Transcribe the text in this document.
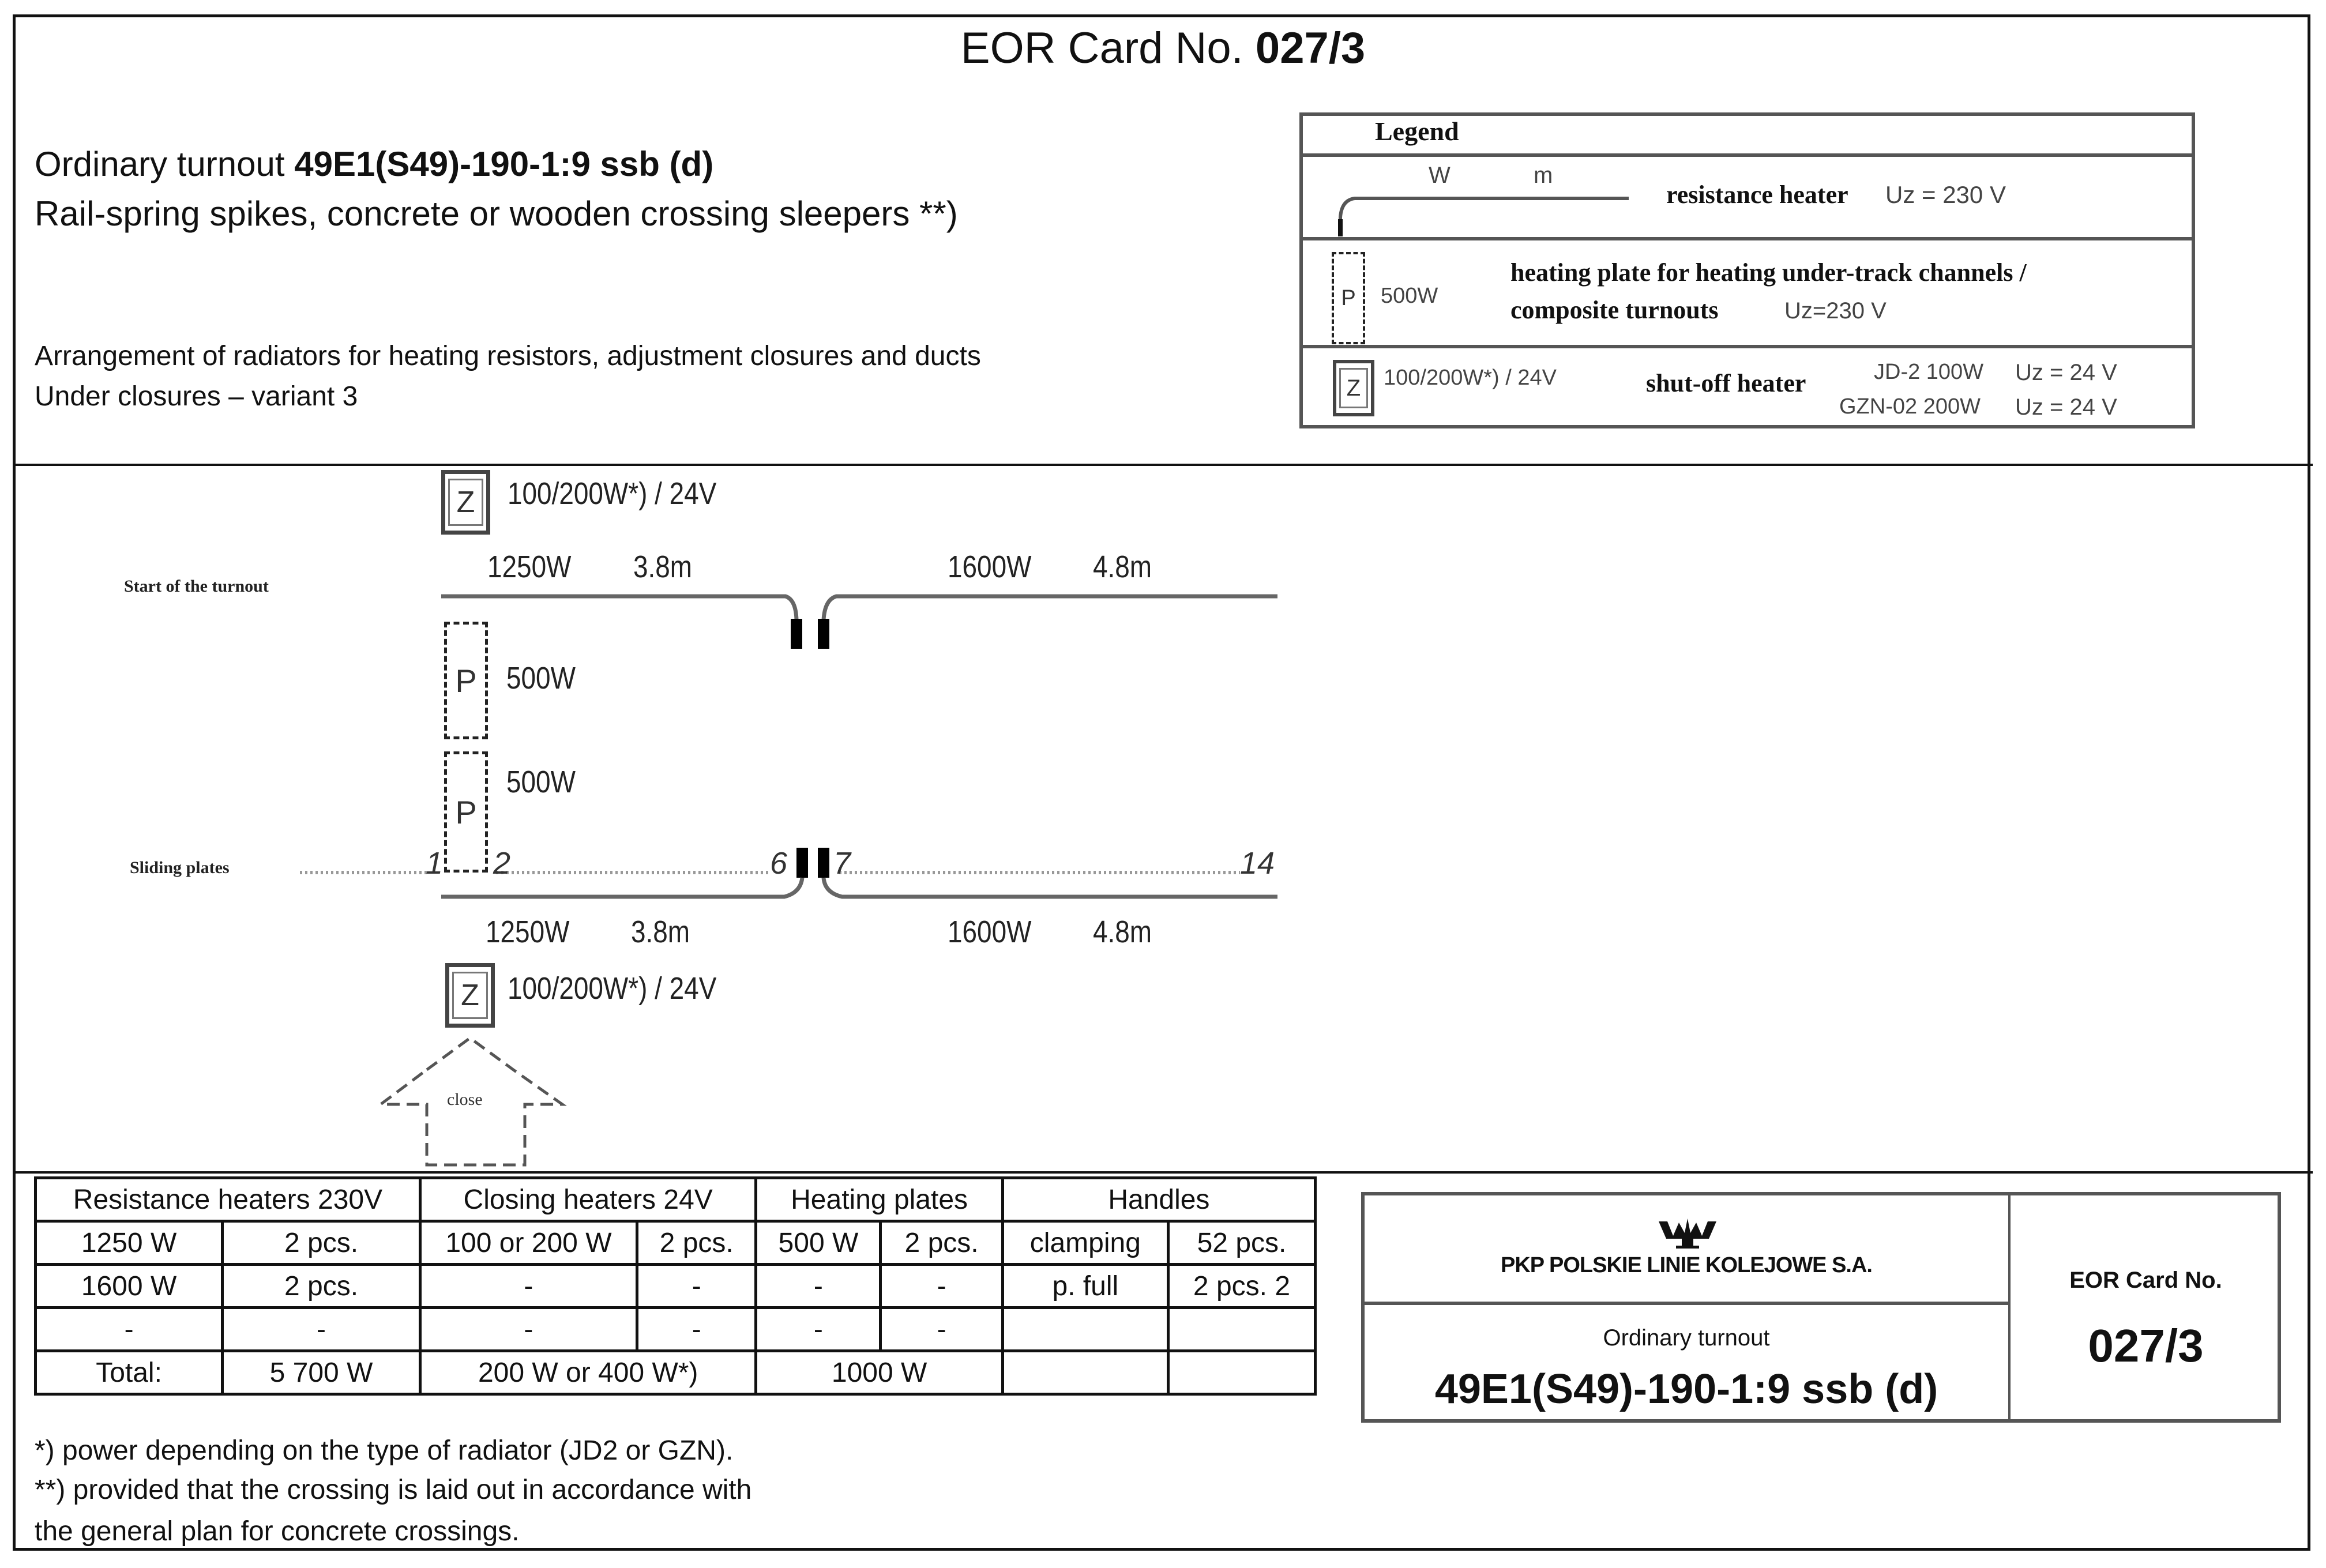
EOR Card No. 027/3
Ordinary turnout 49E1(S49)-190-1:9 ssb (d)
Rail-spring spikes, concrete or wooden crossing sleepers **)
Arrangement of radiators for heating resistors, adjustment closures and ducts
Under closures – variant 3
Legend
W	m
resistance heater Uz = 230 V
P	500W
heating plate for heating under-track channels /
composite turnouts	Uz=230 V
Z	100/200W*) / 24V	shut-off heater	JD-2 100W Uz = 24 V
GZN-02 200W Uz = 24 V
Start of the turnout
Sliding plates
Z 100/200W*) / 24V
1250W 3.8m	1600W 4.8m
P 500W
P
500W
1 2	6 7	14
1250W 3.8m	1600W 4.8m
Z 100/200W*) / 24V
close
Resistance heaters 230V		Closing heaters 24V		Heating plates		Handles	
1250 W	2 pcs.	100 or 200 W	2 pcs.	500 W	2 pcs.	clamping	52 pcs.
1600 W	2 pcs.	-	-	-	-	p. full	2 pcs. 2
-	-	-	-	-	-		
Total:	5 700 W	200 W or 400 W*)		1000 W			
PKP POLSKIE LINIE KOLEJOWE S.A.
Ordinary turnout
49E1(S49)-190-1:9 ssb (d)
EOR Card No.
027/3
*) power depending on the type of radiator (JD2 or GZN).
**) provided that the crossing is laid out in accordance with
the general plan for concrete crossings.
